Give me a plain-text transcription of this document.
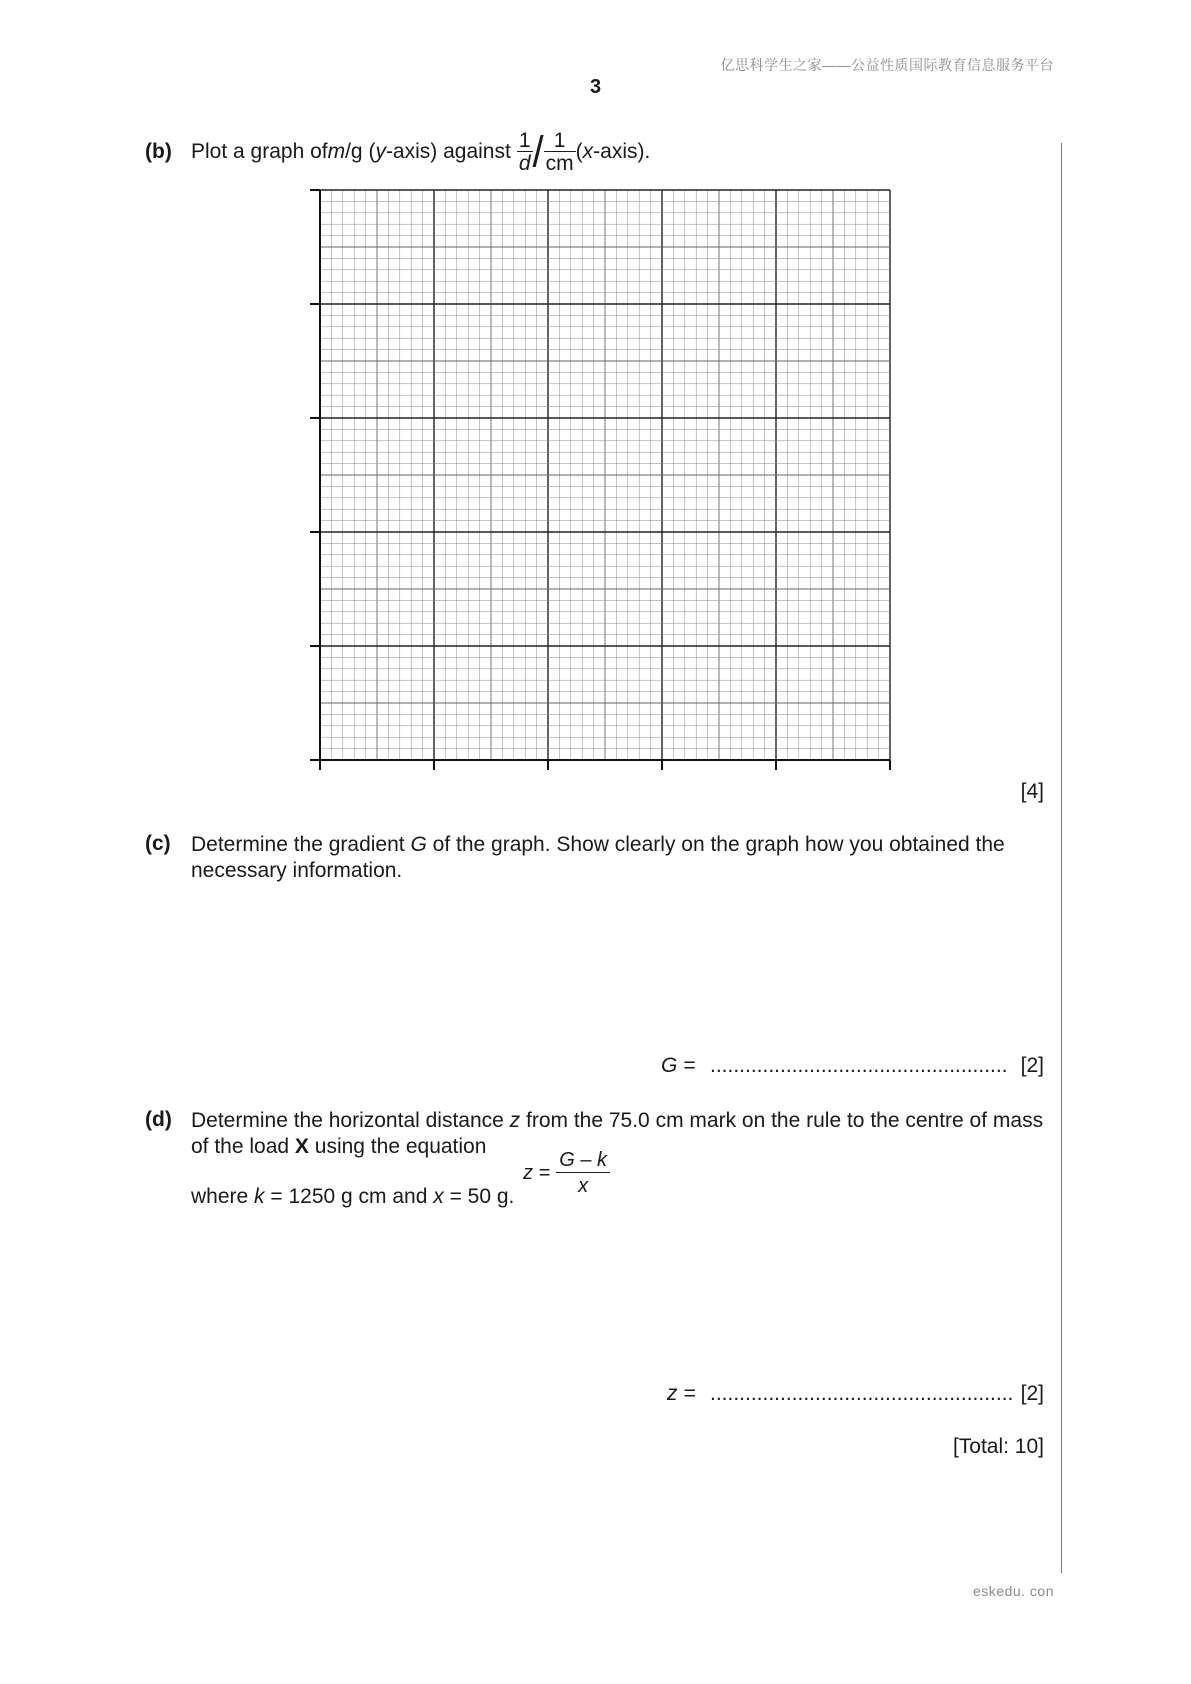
亿思科学生之家——公益性质国际教育信息服务平台
3
(b) Plot a graph of m /g ( y -axis) against $\frac{1}{d} / \frac{1}{cm}$ ( x -axis).
[4]
(c) Determine the gradient G of the graph. Show clearly on the graph how you obtained the necessary information.
G = ................................................... [2]
(d) Determine the horizontal distance z from the 75.0 cm mark on the rule to the centre of mass of the load X using the equation
$z = \frac{G - k}{x}$
where k = 1250 g cm and x = 50 g.
z = .................................................... [2]
[Total: 10]
eskedu. con
